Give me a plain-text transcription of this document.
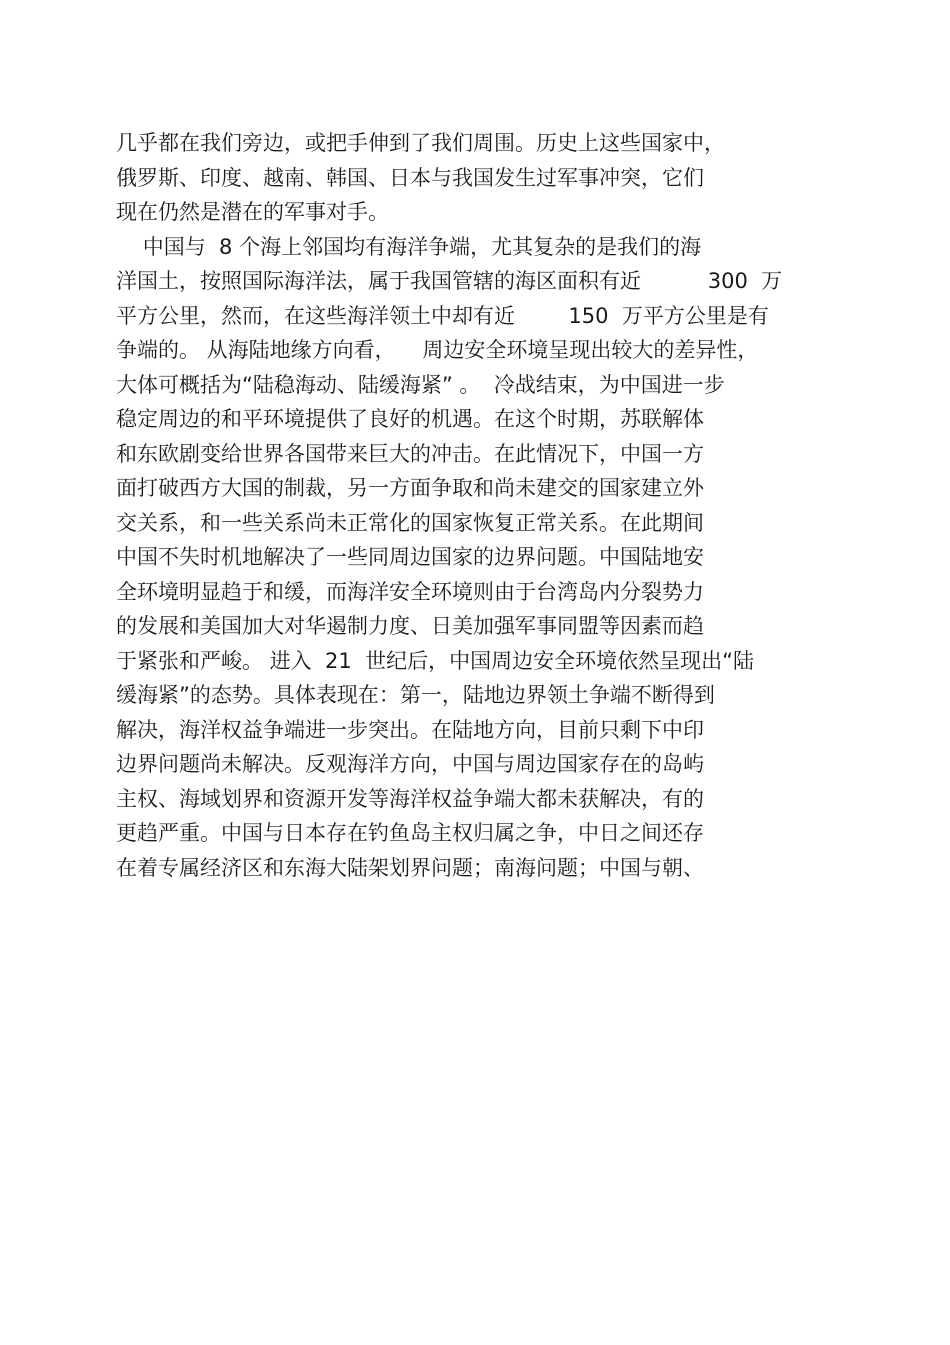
几乎都在我们旁边，或把手伸到了我们周围。历史上这些国家中，
俄罗斯、印度、越南、韩国、日本与我国发生过军事冲突，它们
现在仍然是潜在的军事对手。
中国与  8 个海上邻国均有海洋争端，尤其复杂的是我们的海
洋国土，按照国际海洋法，属于我国管辖的海区面积有近          300  万
平方公里，然而，在这些海洋领土中却有近        150  万平方公里是有
争端的。 从海陆地缘方向看，    周边安全环境呈现出较大的差异性，
大体可概括为“陆稳海动、陆缓海紧” 。  冷战结束，为中国进一步
稳定周边的和平环境提供了良好的机遇。在这个时期，苏联解体
和东欧剧变给世界各国带来巨大的冲击。在此情况下，中国一方
面打破西方大国的制裁，另一方面争取和尚未建交的国家建立外
交关系，和一些关系尚未正常化的国家恢复正常关系。在此期间
中国不失时机地解决了一些同周边国家的边界问题。中国陆地安
全环境明显趋于和缓，而海洋安全环境则由于台湾岛内分裂势力
的发展和美国加大对华遏制力度、日美加强军事同盟等因素而趋
于紧张和严峻。 进入  21  世纪后，中国周边安全环境依然呈现出“陆
缓海紧”的态势。具体表现在：第一，陆地边界领土争端不断得到
解决，海洋权益争端进一步突出。在陆地方向，目前只剩下中印
边界问题尚未解决。反观海洋方向，中国与周边国家存在的岛屿
主权、海域划界和资源开发等海洋权益争端大都未获解决，有的
更趋严重。中国与日本存在钓鱼岛主权归属之争，中日之间还存
在着专属经济区和东海大陆架划界问题；南海问题；中国与朝、
